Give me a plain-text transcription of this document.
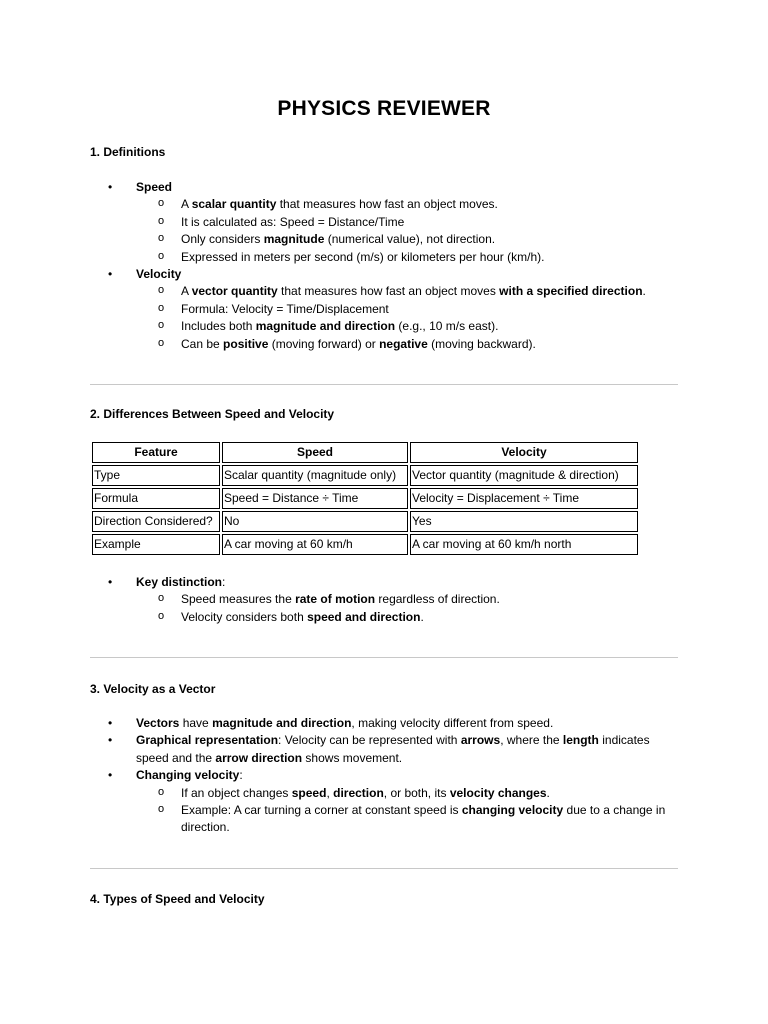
PHYSICS REVIEWER
1. Definitions
• Speed
o A scalar quantity that measures how fast an object moves.
o It is calculated as: Speed = Distance/Time
o Only considers magnitude (numerical value), not direction.
o Expressed in meters per second (m/s) or kilometers per hour (km/h).
• Velocity
o A vector quantity that measures how fast an object moves with a specified direction.
o Formula: Velocity = Time/Displacement
o Includes both magnitude and direction (e.g., 10 m/s east).
o Can be positive (moving forward) or negative (moving backward).
2. Differences Between Speed and Velocity
Feature	Speed	Velocity
Type	Scalar quantity (magnitude only)	Vector quantity (magnitude & direction)
Formula	Speed = Distance ÷ Time	Velocity = Displacement ÷ Time
Direction Considered?	No	Yes
Example	A car moving at 60 km/h	A car moving at 60 km/h north
• Key distinction:
o Speed measures the rate of motion regardless of direction.
o Velocity considers both speed and direction.
3. Velocity as a Vector
• Vectors have magnitude and direction, making velocity different from speed.
• Graphical representation: Velocity can be represented with arrows, where the length indicates speed and the arrow direction shows movement.
• Changing velocity:
o If an object changes speed, direction, or both, its velocity changes.
o Example: A car turning a corner at constant speed is changing velocity due to a change in direction.
4. Types of Speed and Velocity
